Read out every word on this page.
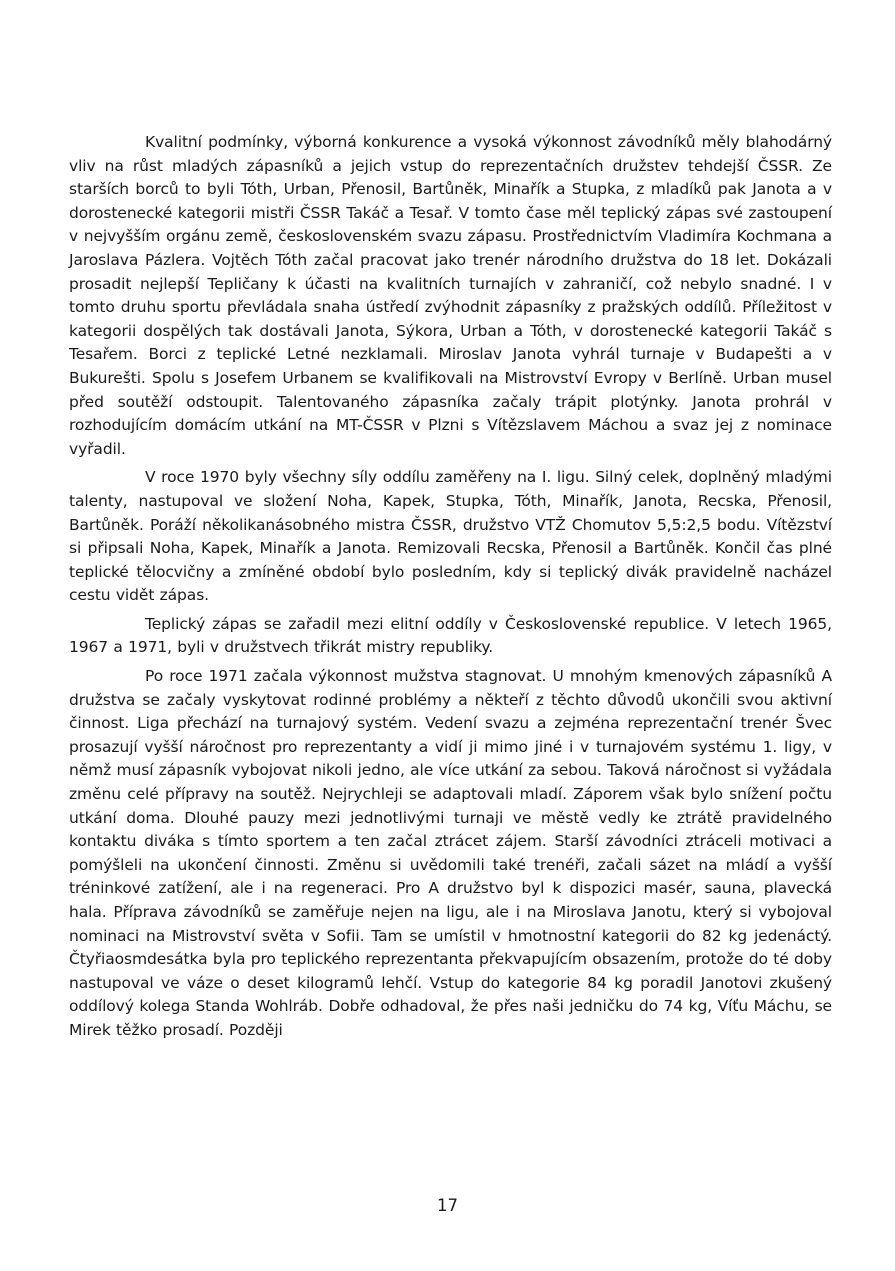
Kvalitní podmínky, výborná konkurence a vysoká výkonnost závodníků měly blahodárný vliv na růst mladých zápasníků a jejich vstup do reprezentačních družstev tehdejší ČSSR. Ze starších borců to byli Tóth, Urban, Přenosil, Bartůněk, Minařík a Stupka, z mladíků pak Janota a v dorostenecké kategorii mistři ČSSR Takáč a Tesař. V tomto čase měl teplický zápas své zastoupení v nejvyšším orgánu země, československém svazu zápasu. Prostřednictvím Vladimíra Kochmana a Jaroslava Pázlera. Vojtěch Tóth začal pracovat jako trenér národního družstva do 18 let. Dokázali prosadit nejlepší Tepličany k účasti na kvalitních turnajích v zahraničí, což nebylo snadné. I v tomto druhu sportu převládala snaha ústředí zvýhodnit zápasníky z pražských oddílů. Příležitost v kategorii dospělých tak dostávali Janota, Sýkora, Urban a Tóth, v dorostenecké kategorii Takáč s Tesařem. Borci z teplické Letné nezklamali. Miroslav Janota vyhrál turnaje v Budapešti a v Bukurešti. Spolu s Josefem Urbanem se kvalifikovali na Mistrovství Evropy v Berlíně. Urban musel před soutěží odstoupit. Talentovaného zápasníka začaly trápit plotýnky. Janota prohrál v rozhodujícím domácím utkání na MT-ČSSR v Plzni s Vítězslavem Máchou a svaz jej z nominace vyřadil.

V roce 1970 byly všechny síly oddílu zaměřeny na I. ligu. Silný celek, doplněný mladými talenty, nastupoval ve složení Noha, Kapek, Stupka, Tóth, Minařík, Janota, Recska, Přenosil, Bartůněk. Poráží několikanásobného mistra ČSSR, družstvo VTŽ Chomutov 5,5:2,5 bodu. Vítězství si připsali Noha, Kapek, Minařík a Janota. Remizovali Recska, Přenosil a Bartůněk. Končil čas plné teplické tělocvičny a zmíněné období bylo posledním, kdy si teplický divák pravidelně nacházel cestu vidět zápas.

Teplický zápas se zařadil mezi elitní oddíly v Československé republice. V letech 1965, 1967 a 1971, byli v družstvech třikrát mistry republiky.

Po roce 1971 začala výkonnost mužstva stagnovat. U mnohým kmenových zápasníků A družstva se začaly vyskytovat rodinné problémy a někteří z těchto důvodů ukončili svou aktivní činnost. Liga přechází na turnajový systém. Vedení svazu a zejména reprezentační trenér Švec prosazují vyšší náročnost pro reprezentanty a vidí ji mimo jiné i v turnajovém systému 1. ligy, v němž musí zápasník vybojovat nikoli jedno, ale více utkání za sebou. Taková náročnost si vyžádala změnu celé přípravy na soutěž. Nejrychleji se adaptovali mladí. Záporem však bylo snížení počtu utkání doma. Dlouhé pauzy mezi jednotlivými turnaji ve městě vedly ke ztrátě pravidelného kontaktu diváka s tímto sportem a ten začal ztrácet zájem. Starší závodníci ztráceli motivaci a pomýšleli na ukončení činnosti. Změnu si uvědomili také trenéři, začali sázet na mládí a vyšší tréninkové zatížení, ale i na regeneraci. Pro A družstvo byl k dispozici masér, sauna, plavecká hala. Příprava závodníků se zaměřuje nejen na ligu, ale i na Miroslava Janotu, který si vybojoval nominaci na Mistrovství světa v Sofii. Tam se umístil v hmotnostní kategorii do 82 kg jedenáctý. Čtyřiaosmdesátka byla pro teplického reprezentanta překvapujícím obsazením, protože do té doby nastupoval ve váze o deset kilogramů lehčí. Vstup do kategorie 84 kg poradil Janotovi zkušený oddílový kolega Standa Wohlráb. Dobře odhadoval, že přes naši jedničku do 74 kg, Víťu Máchu, se Mirek těžko prosadí. Později

17
